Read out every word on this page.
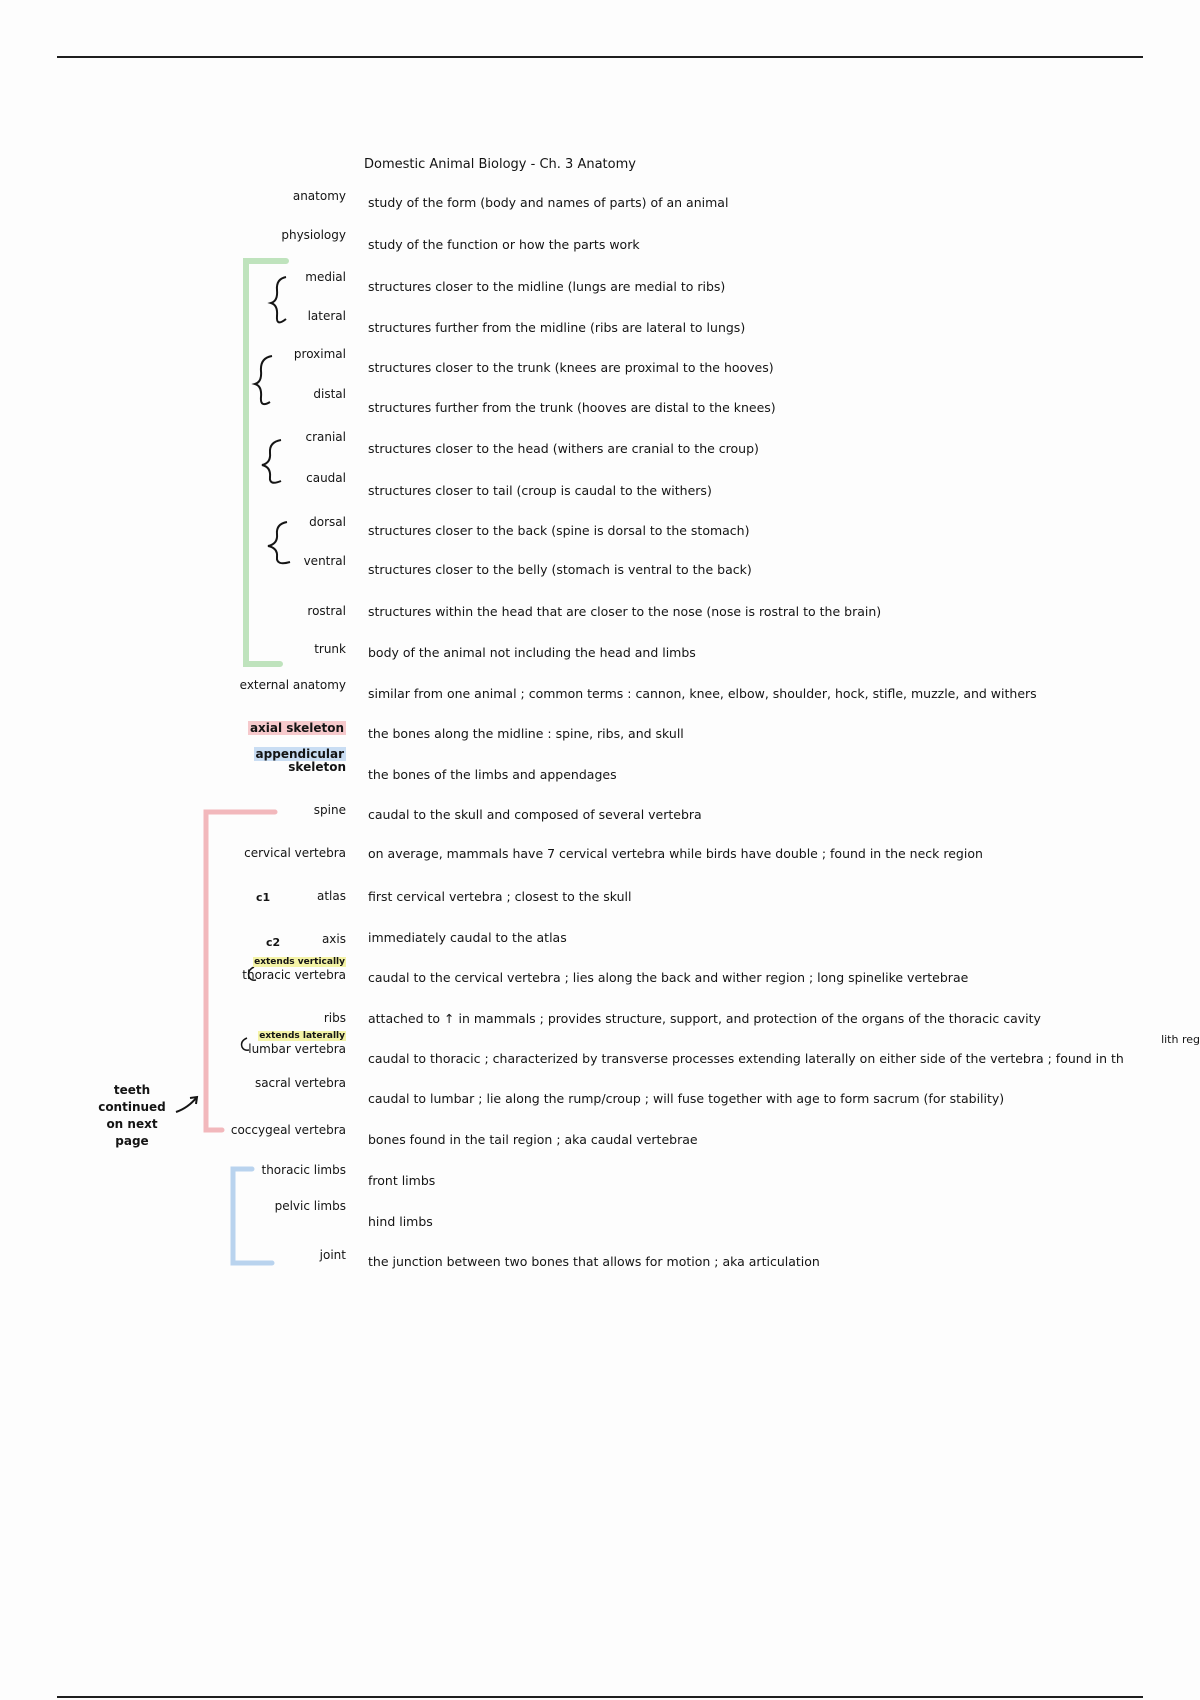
Domestic Animal Biology - Ch. 3 Anatomy
anatomy
physiology
medial
lateral
proximal
distal
cranial
caudal
dorsal
ventral
rostral
trunk
external anatomy
axial skeleton
appendicular
skeleton
spine
cervical vertebra
c1	atlas
c2	axis
extends vertically
thoracic vertebra
ribs
extends laterally
lumbar vertebra
sacral vertebra
coccygeal vertebra
thoracic limbs
pelvic limbs
joint
study of the form (body and names of parts) of an animal
study of the function or how the parts work
structures closer to the midline (lungs are medial to ribs)
structures further from the midline (ribs are lateral to lungs)
structures closer to the trunk (knees are proximal to the hooves)
structures further from the trunk (hooves are distal to the knees)
structures closer to the head (withers are cranial to the croup)
structures closer to tail (croup is caudal to the withers)
structures closer to the back (spine is dorsal to the stomach)
structures closer to the belly (stomach is ventral to the back)
structures within the head that are closer to the nose (nose is rostral to the brain)
body of the animal not including the head and limbs
similar from one animal ; common terms : cannon, knee, elbow, shoulder, hock, stifle, muzzle, and withers
the bones along the midline : spine, ribs, and skull
the bones of the limbs and appendages
caudal to the skull and composed of several vertebra
on average, mammals have 7 cervical vertebra while birds have double ; found in the neck region
first cervical vertebra ; closest to the skull
immediately caudal to the atlas
caudal to the cervical vertebra ; lies along the back and wither region ; long spinelike vertebrae
attached to ↑ in mammals ; provides structure, support, and protection of the organs of the thoracic cavity
caudal to thoracic ; characterized by transverse processes extending laterally on either side of the vertebra ; found in th
caudal to lumbar ; lie along the rump/croup ; will fuse together with age to form sacrum (for stability)
bones found in the tail region ; aka caudal vertebrae
front limbs
hind limbs
the junction between two bones that allows for motion ; aka articulation
lith reg
teeth continued on next page
